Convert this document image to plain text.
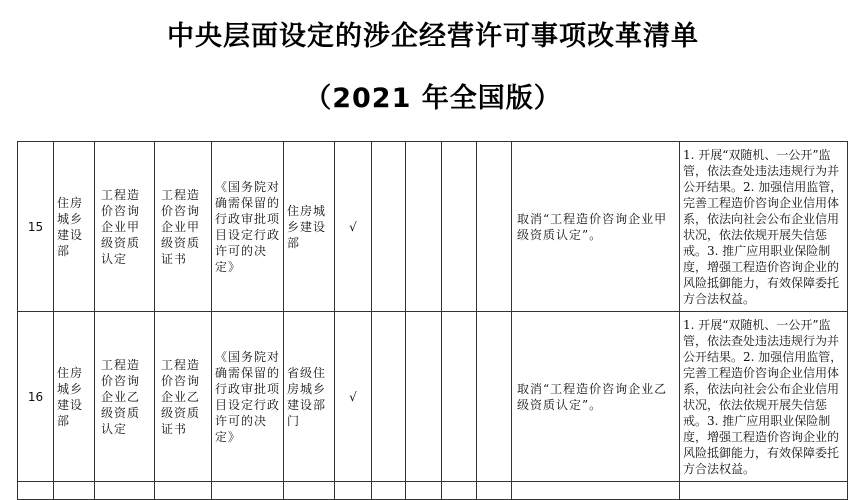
中央层面设定的涉企经营许可事项改革清单
（2021 年全国版）
15	住房城乡建设部	工程造价咨询企业甲级资质认定	工程造价咨询企业甲级资质证书	《国务院对确需保留的行政审批项目设定行政许可的决定》	住房城乡建设部	√					取消“工程造价咨询企业甲级资质认定”。	1. 开展“双随机、一公开”监管，依法查处违法违规行为并公开结果。2. 加强信用监管，完善工程造价咨询企业信用体系，依法向社会公布企业信用状况，依法依规开展失信惩戒。3. 推广应用职业保险制度，增强工程造价咨询企业的风险抵御能力，有效保障委托方合法权益。
16	住房城乡建设部	工程造价咨询企业乙级资质认定	工程造价咨询企业乙级资质证书	《国务院对确需保留的行政审批项目设定行政许可的决定》	省级住房城乡建设部门	√					取消“工程造价咨询企业乙级资质认定”。	1. 开展“双随机、一公开”监管，依法查处违法违规行为并公开结果。2. 加强信用监管，完善工程造价咨询企业信用体系，依法向社会公布企业信用状况，依法依规开展失信惩戒。3. 推广应用职业保险制度，增强工程造价咨询企业的风险抵御能力，有效保障委托方合法权益。
